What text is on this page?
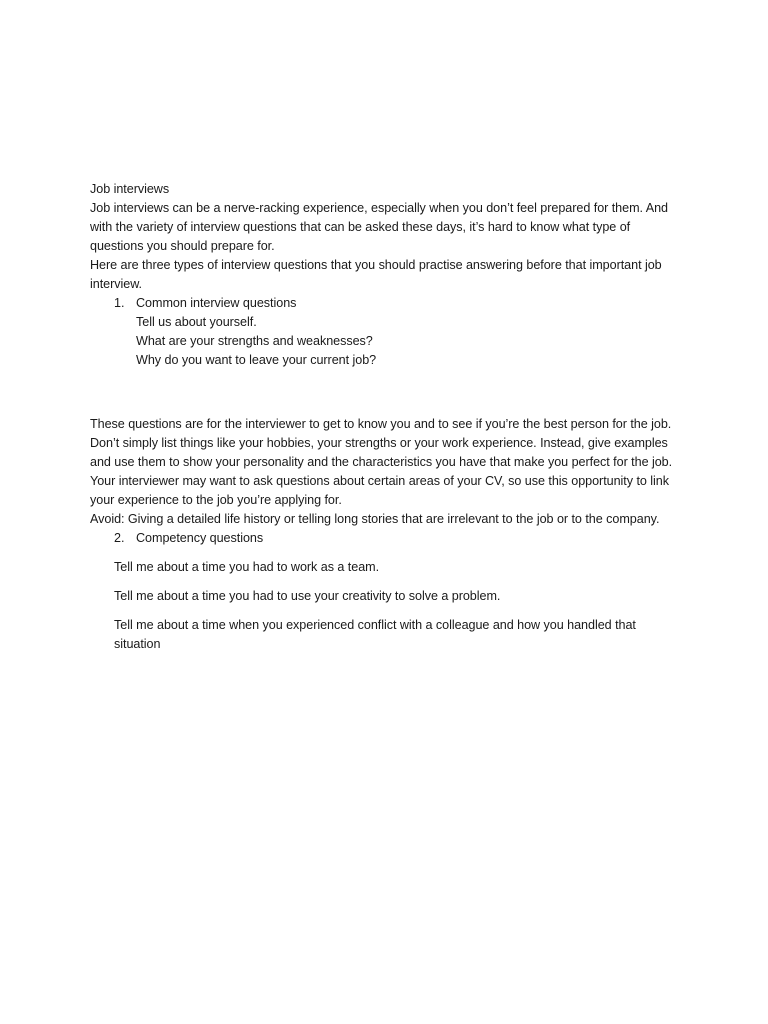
Job interviews

Job interviews can be a nerve-racking experience, especially when you don’t feel prepared for them. And with the variety of interview questions that can be asked these days, it’s hard to know what type of questions you should prepare for.

Here are three types of interview questions that you should practise answering before that important job interview.

1. Common interview questions

Tell us about yourself.

What are your strengths and weaknesses?

Why do you want to leave your current job?

These questions are for the interviewer to get to know you and to see if you’re the best person for the job. Don’t simply list things like your hobbies, your strengths or your work experience. Instead, give examples and use them to show your personality and the characteristics you have that make you perfect for the job. Your interviewer may want to ask questions about certain areas of your CV, so use this opportunity to link your experience to the job you’re applying for.

Avoid: Giving a detailed life history or telling long stories that are irrelevant to the job or to the company.

2. Competency questions

Tell me about a time you had to work as a team.

Tell me about a time you had to use your creativity to solve a problem.

Tell me about a time when you experienced conflict with a colleague and how you handled that situation
